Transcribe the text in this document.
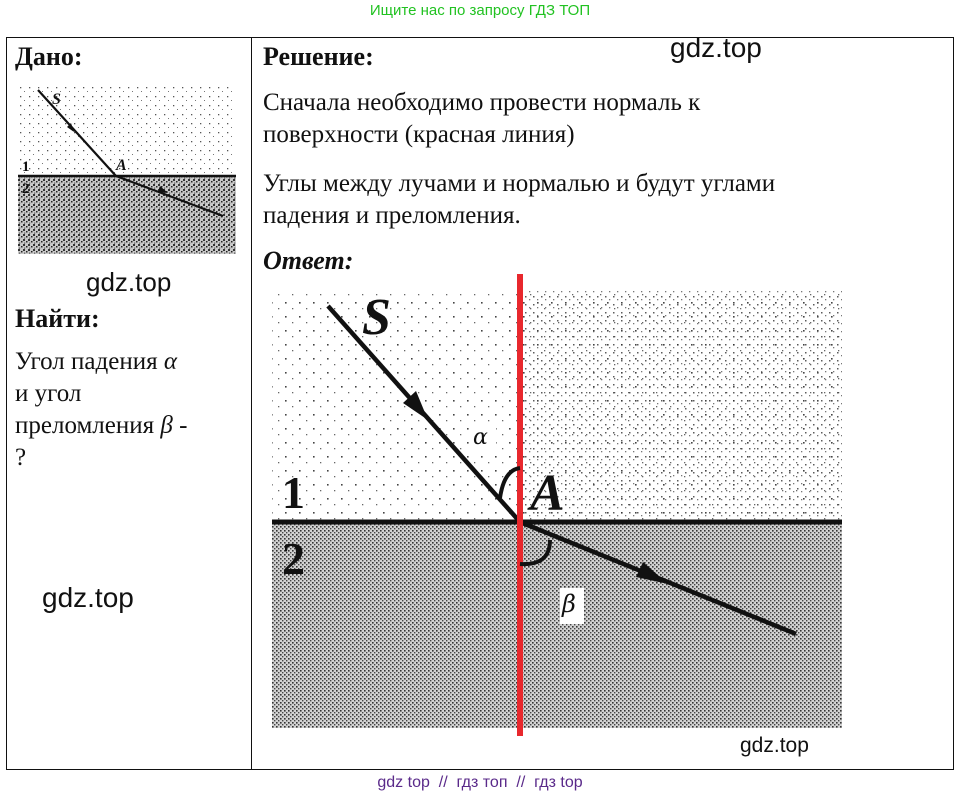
Ищите нас по запросу ГДЗ ТОП
Дано:
S
A
1
2
gdz.top
Найти:
Угол падения α
и угол
преломления β -
?
gdz.top
Решение:	gdz.top
Сначала необходимо провести нормаль к
поверхности (красная линия)
Углы между лучами и нормалью и будут углами
падения и преломления.
Ответ:
S
A
1
2
α
β
gdz.top
gdz top  //  гдз топ  //  гдз top
